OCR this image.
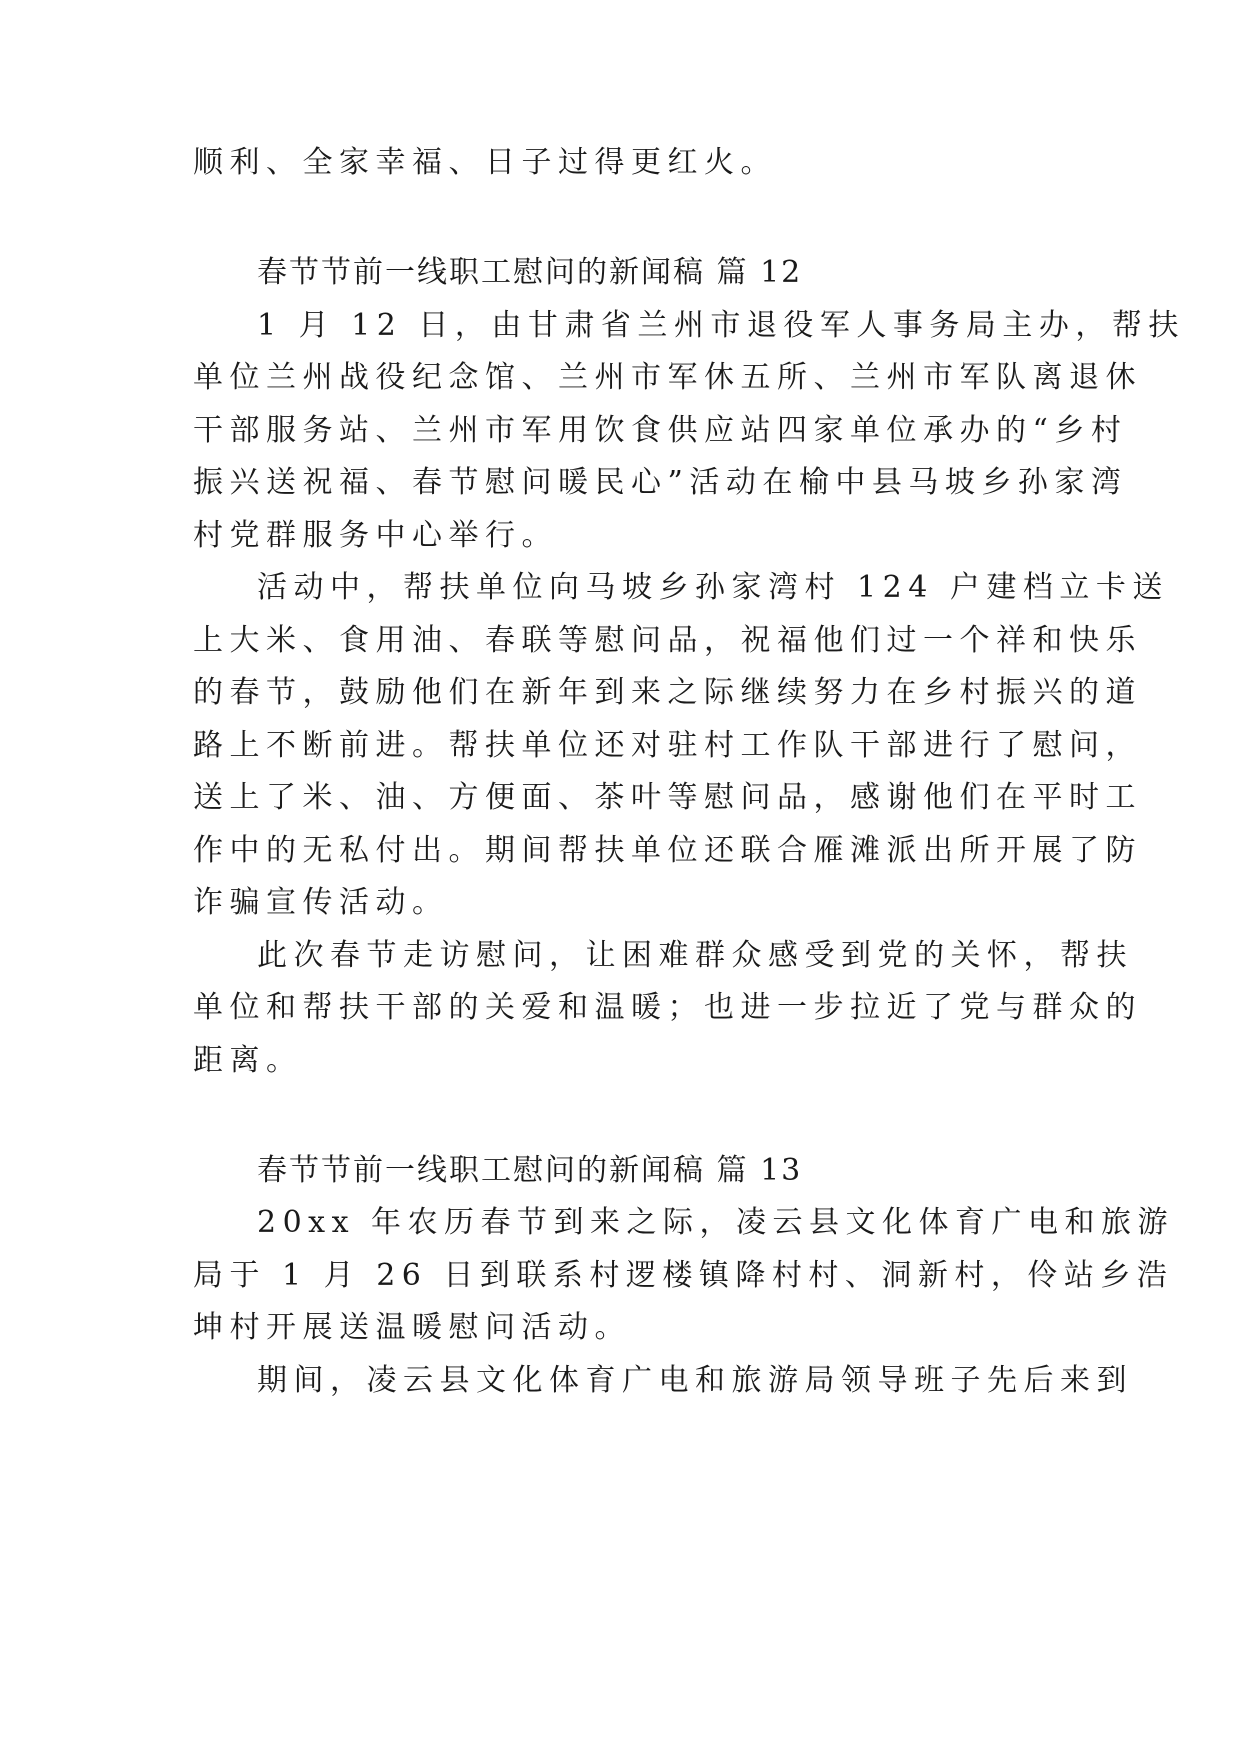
顺利、全家幸福、日子过得更红火。
春节节前一线职工慰问的新闻稿 篇 12
1 月 12 日，由甘肃省兰州市退役军人事务局主办，帮扶
单位兰州战役纪念馆、兰州市军休五所、兰州市军队离退休
干部服务站、兰州市军用饮食供应站四家单位承办的“乡村
振兴送祝福、春节慰问暖民心”活动在榆中县马坡乡孙家湾
村党群服务中心举行。
活动中，帮扶单位向马坡乡孙家湾村 124 户建档立卡送
上大米、食用油、春联等慰问品，祝福他们过一个祥和快乐
的春节，鼓励他们在新年到来之际继续努力在乡村振兴的道
路上不断前进。帮扶单位还对驻村工作队干部进行了慰问，
送上了米、油、方便面、茶叶等慰问品，感谢他们在平时工
作中的无私付出。期间帮扶单位还联合雁滩派出所开展了防
诈骗宣传活动。
此次春节走访慰问，让困难群众感受到党的关怀，帮扶
单位和帮扶干部的关爱和温暖；也进一步拉近了党与群众的
距离。
春节节前一线职工慰问的新闻稿 篇 13
20xx 年农历春节到来之际，凌云县文化体育广电和旅游
局于 1 月 26 日到联系村逻楼镇降村村、洞新村，伶站乡浩
坤村开展送温暖慰问活动。
期间，凌云县文化体育广电和旅游局领导班子先后来到
